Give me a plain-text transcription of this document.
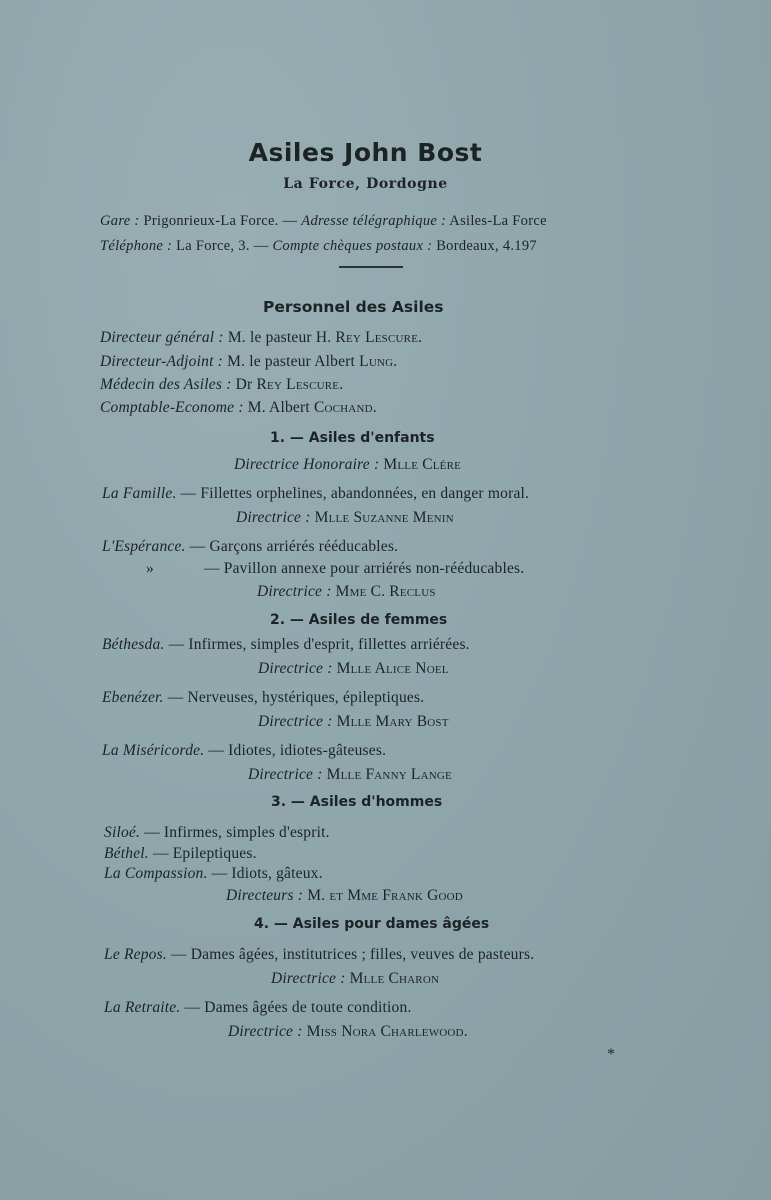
Asiles John Bost
La Force, Dordogne
Gare : Prigonrieux-La Force. — Adresse télégraphique : Asiles-La Force
Téléphone : La Force, 3. — Compte chèques postaux : Bordeaux, 4.197
Personnel des Asiles
Directeur général : M. le pasteur H. Rey Lescure.
Directeur-Adjoint : M. le pasteur Albert Lung.
Médecin des Asiles : Dr Rey Lescure.
Comptable-Econome : M. Albert Cochand.
1. — Asiles d'enfants
Directrice Honoraire : Mlle Clére
La Famille. — Fillettes orphelines, abandonnées, en danger moral.
Directrice : Mlle Suzanne Menin
L'Espérance. — Garçons arriérés rééducables.
»	— Pavillon annexe pour arriérés non-rééducables.
Directrice : Mme C. Reclus
2. — Asiles de femmes
Béthesda. — Infirmes, simples d'esprit, fillettes arriérées.
Directrice : Mlle Alice Noel
Ebenézer. — Nerveuses, hystériques, épileptiques.
Directrice : Mlle Mary Bost
La Miséricorde. — Idiotes, idiotes-gâteuses.
Directrice : Mlle Fanny Lange
3. — Asiles d'hommes
Siloé. — Infirmes, simples d'esprit.
Béthel. — Epileptiques.
La Compassion. — Idiots, gâteux.
Directeurs : M. et Mme Frank Good
4. — Asiles pour dames âgées
Le Repos. — Dames âgées, institutrices ; filles, veuves de pasteurs.
Directrice : Mlle Charon
La Retraite. — Dames âgées de toute condition.
Directrice : Miss Nora Charlewood.
*
